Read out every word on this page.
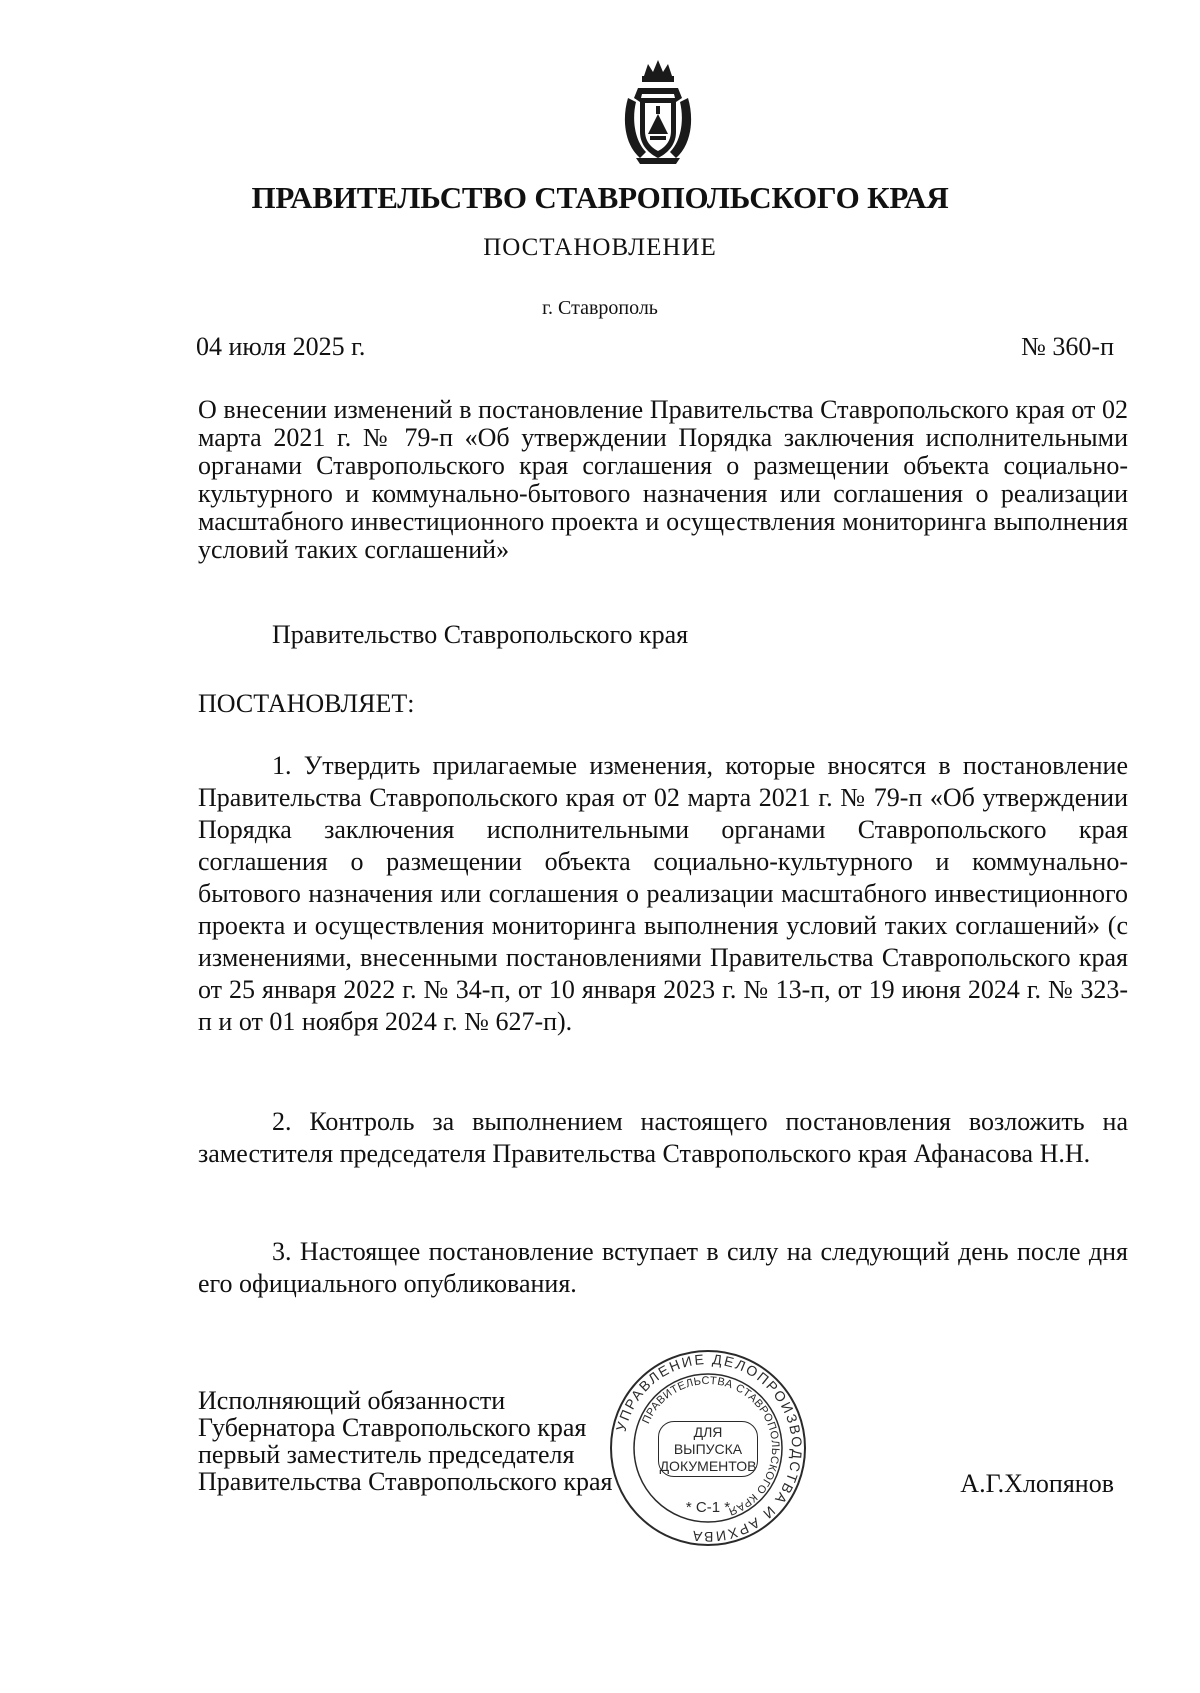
ПРАВИТЕЛЬСТВО СТАВРОПОЛЬСКОГО КРАЯ
ПОСТАНОВЛЕНИЕ
г. Ставрополь
04 июля 2025 г.	№ 360-п
О внесении изменений в постановление Правительства Ставропольского края от 02 марта 2021 г. № 79-п «Об утверждении Порядка заключения исполнительными органами Ставропольского края соглашения о размещении объекта социально-культурного и коммунально-бытового назначения или соглашения о реализации масштабного инвестиционного проекта и осуществления мониторинга выполнения условий таких соглашений»
Правительство Ставропольского края
ПОСТАНОВЛЯЕТ:
1. Утвердить прилагаемые изменения, которые вносятся в постановление Правительства Ставропольского края от 02 марта 2021 г. № 79-п «Об утверждении Порядка заключения исполнительными органами Ставропольского края соглашения о размещении объекта социально-культурного и коммунально-бытового назначения или соглашения о реализации масштабного инвестиционного проекта и осуществления мониторинга выполнения условий таких соглашений» (с изменениями, внесенными постановлениями Правительства Ставропольского края от 25 января 2022 г. № 34-п, от 10 января 2023 г. № 13-п, от 19 июня 2024 г. № 323-п и от 01 ноября 2024 г. № 627-п).
2. Контроль за выполнением настоящего постановления возложить на заместителя председателя Правительства Ставропольского края Афанасова Н.Н.
3. Настоящее постановление вступает в силу на следующий день после дня его официального опубликования.
Исполняющий обязанности
Губернатора Ставропольского края
первый заместитель председателя
Правительства Ставропольского края	А.Г.Хлопянов
УПРАВЛЕНИЕ ДЕЛОПРОИЗВОДСТВА И АРХИВА
ПРАВИТЕЛЬСТВА СТАВРОПОЛЬСКОГО КРАЯ
ДЛЯ
ВЫПУСКА
ДОКУМЕНТОВ
* С-1 *
